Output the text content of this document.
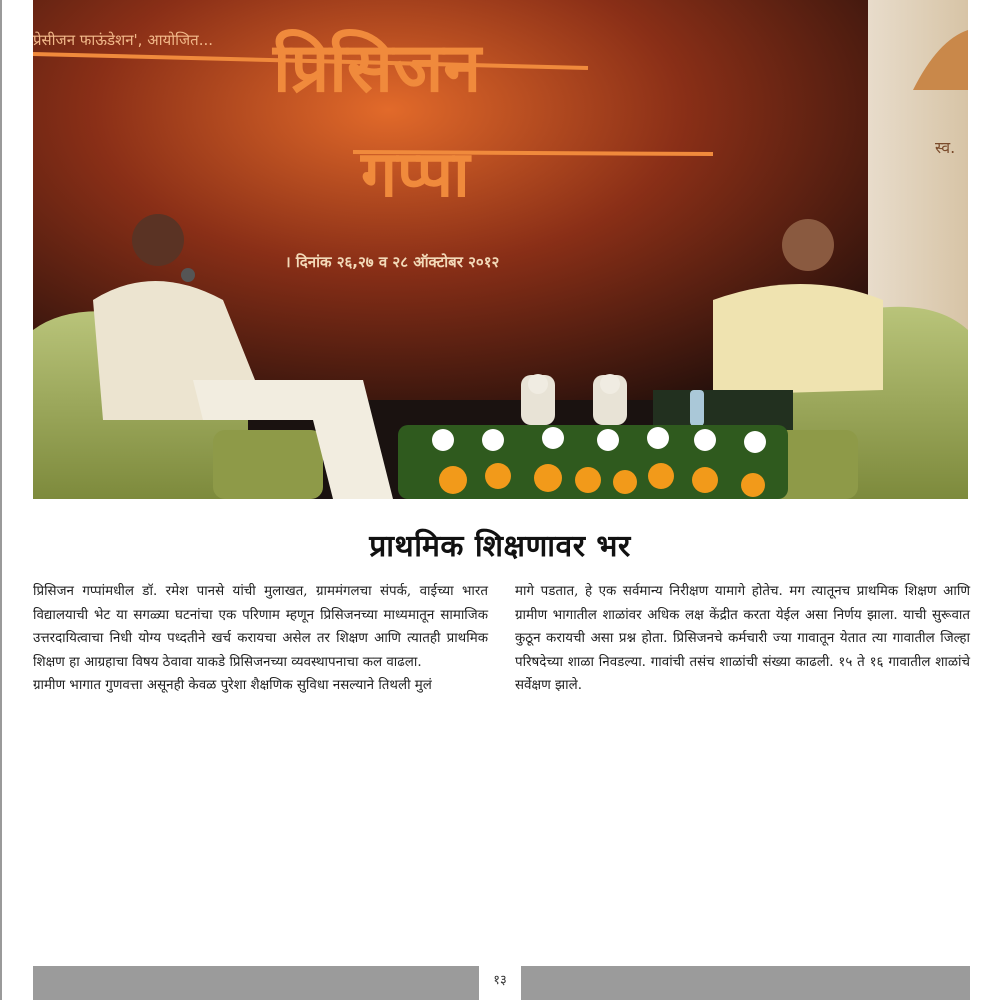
प्रेसीजन फाऊंडेशन', आयोजित... प्रिसिजन
गप्पा
। दिनांक २६,२७ व २८ ऑक्टोबर २०१२
स्व.
प्राथमिक शिक्षणावर भर

प्रिसिजन गप्पांमधील डॉ. रमेश पानसे यांची मुलाखत, ग्राममंगलचा संपर्क, वाईच्या भारत विद्यालयाची भेट या सगळ्या घटनांचा एक परिणाम म्हणून प्रिसिजनच्या माध्यमातून सामाजिक उत्तरदायित्वाचा निधी योग्य पध्दतीने खर्च करायचा असेल तर शिक्षण आणि त्यातही प्राथमिक शिक्षण हा आग्रहाचा विषय ठेवावा याकडे प्रिसिजनच्या व्यवस्थापनाचा कल वाढला.

ग्रामीण भागात गुणवत्ता असूनही केवळ पुरेशा शैक्षणिक सुविधा नसल्याने तिथली मुलं

मागे पडतात, हे एक सर्वमान्य निरीक्षण यामागे होतेच. मग त्यातूनच प्राथमिक शिक्षण आणि ग्रामीण भागातील शाळांवर अधिक लक्ष केंद्रीत करता येईल असा निर्णय झाला. याची सुरूवात कुठून करायची असा प्रश्न होता. प्रिसिजनचे कर्मचारी ज्या गावातून येतात त्या गावातील जिल्हा परिषदेच्या शाळा निवडल्या. गावांची तसंच शाळांची संख्या काढली. १५ ते १६ गावातील शाळांचे सर्वेक्षण झाले.

१३
